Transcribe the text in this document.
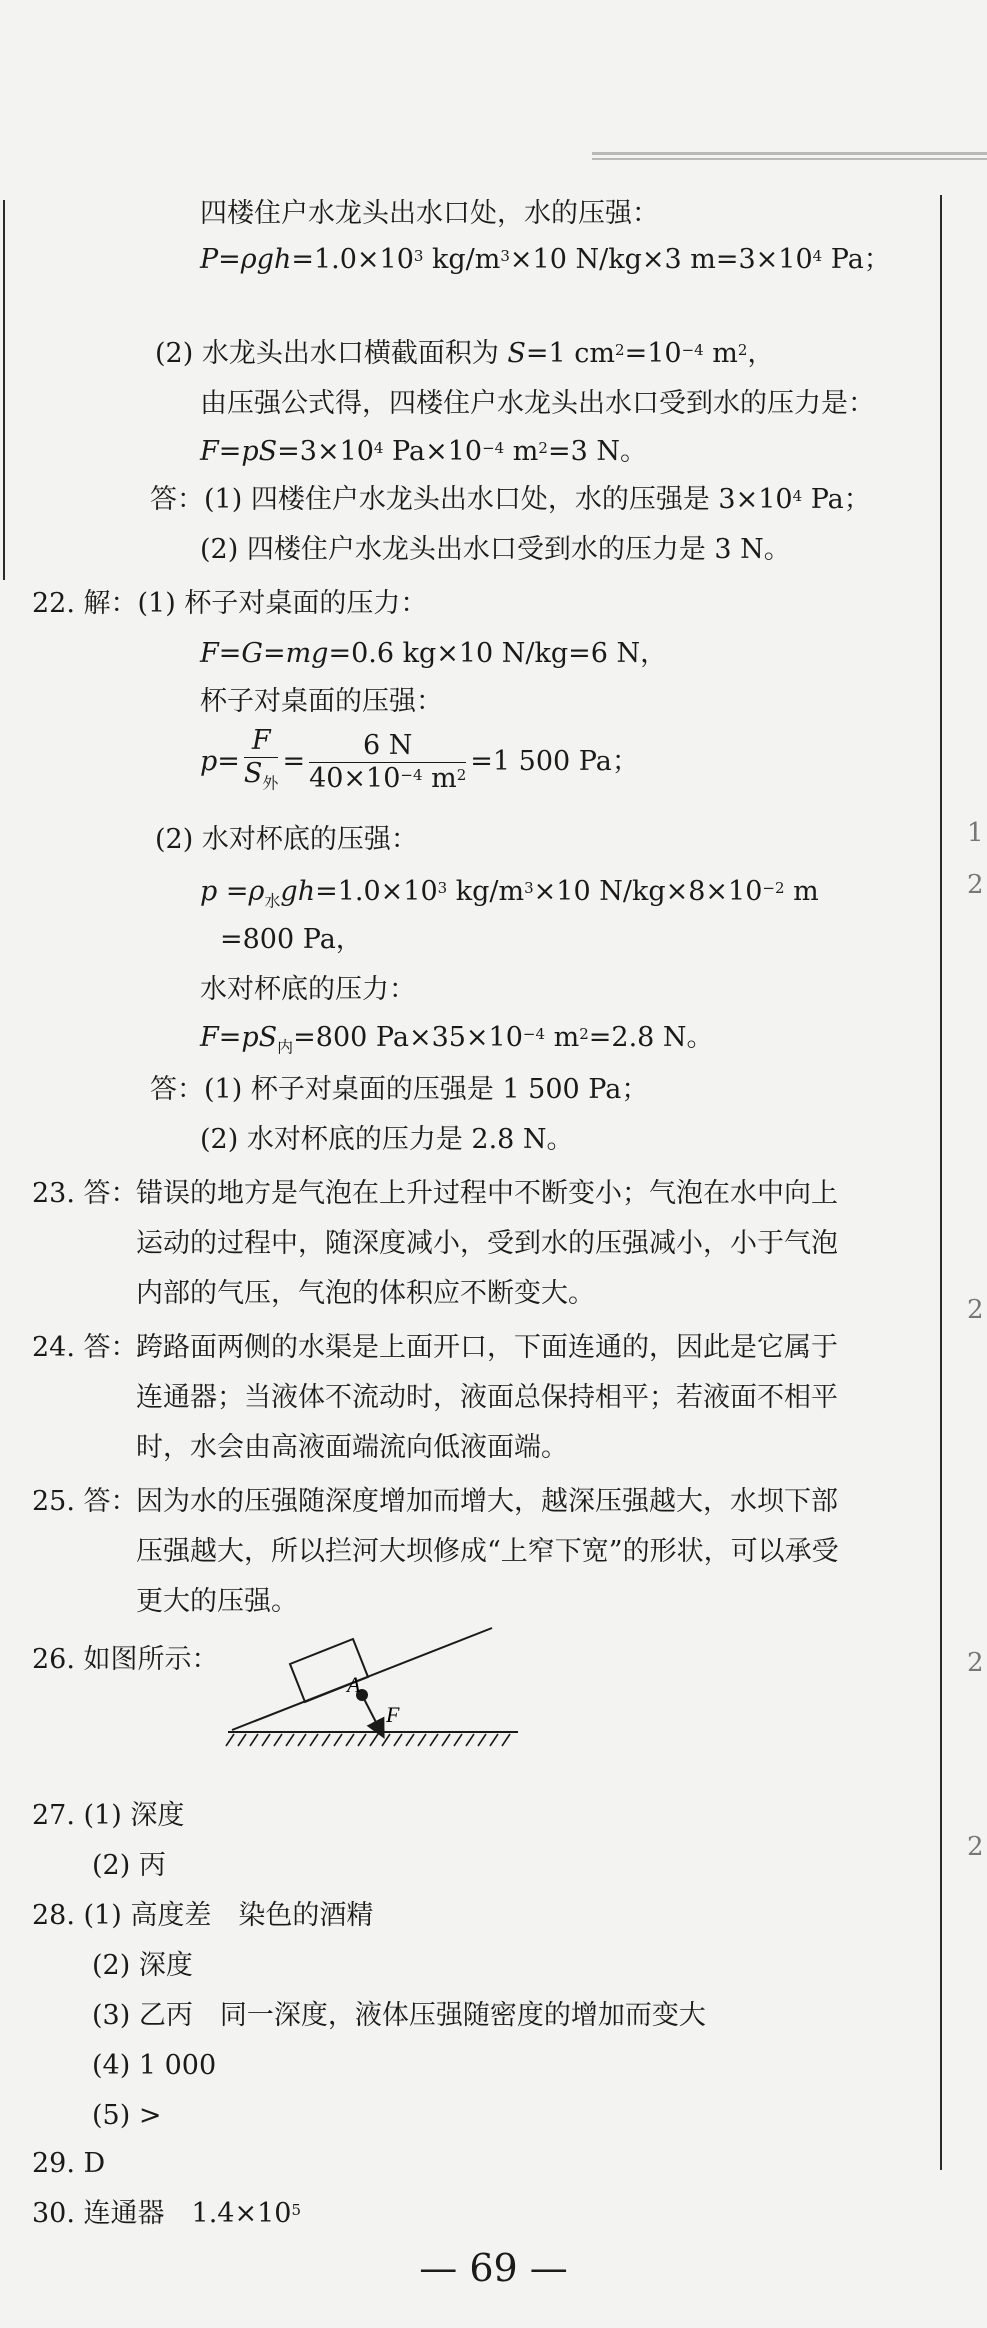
1
2
2
2
2
四楼住户水龙头出水口处，水的压强：
$P=\rho gh=1.0\times 10^3$ $kg/m^3\times 10$ N/kg×3 $m=3\times 10^4$ Pa；
(2) 水龙头出水口横截面积为 S=1 $cm^2=10^{-4}$ $m^2$，
由压强公式得，四楼住户水龙头出水口受到水的压力是：
$F=pS=3\times 10^4$ $Pa\times 10^{-4}$ $m^2=3$ N。
答：(1) 四楼住户水龙头出水口处，水的压强是 $3\times 10^4$ Pa；
(2) 四楼住户水龙头出水口受到水的压力是 3 N。
22. 解：(1) 杯子对桌面的压力：
F=G=mg=0.6 kg×10 N/kg=6 N，
杯子对桌面的压强：
$p= \frac{F}{S_外} = \frac{6 N}{40\times 10^{-4} m^2} =1$ 500 Pa；
(2) 水对杯底的压强：
$p =\rho_水gh=1.0\times 10^3$ $kg/m^3\times 10$ $N/kg\times 8\times 10^{-2}$ m
=800 Pa，
水对杯底的压力：
$F=pS_内=800$ $Pa\times 35\times 10^{-4}$ $m^2=2.8$ N。
答：(1) 杯子对桌面的压强是 1 500 Pa；
(2) 水对杯底的压力是 2.8 N。
23. 答：
错误的地方是气泡在上升过程中不断变小；气泡在水中向上
运动的过程中，随深度减小，受到水的压强减小，小于气泡
内部的气压，气泡的体积应不断变大。
24. 答：
跨路面两侧的水渠是上面开口，下面连通的，因此是它属于
连通器；当液体不流动时，液面总保持相平；若液面不相平
时，水会由高液面端流向低液面端。
25. 答：
因为水的压强随深度增加而增大，越深压强越大，水坝下部
压强越大，所以拦河大坝修成“上窄下宽”的形状，可以承受
更大的压强。
26. 如图所示：
A
F
27. (1) 深度
(2) 丙
28. (1) 高度差　染色的酒精
(2) 深度
(3) 乙丙　同一深度，液体压强随密度的增加而变大
(4) 1 000
(5) >
29. D
30. 连通器　$1.4\times 10^5$
— 69 —
